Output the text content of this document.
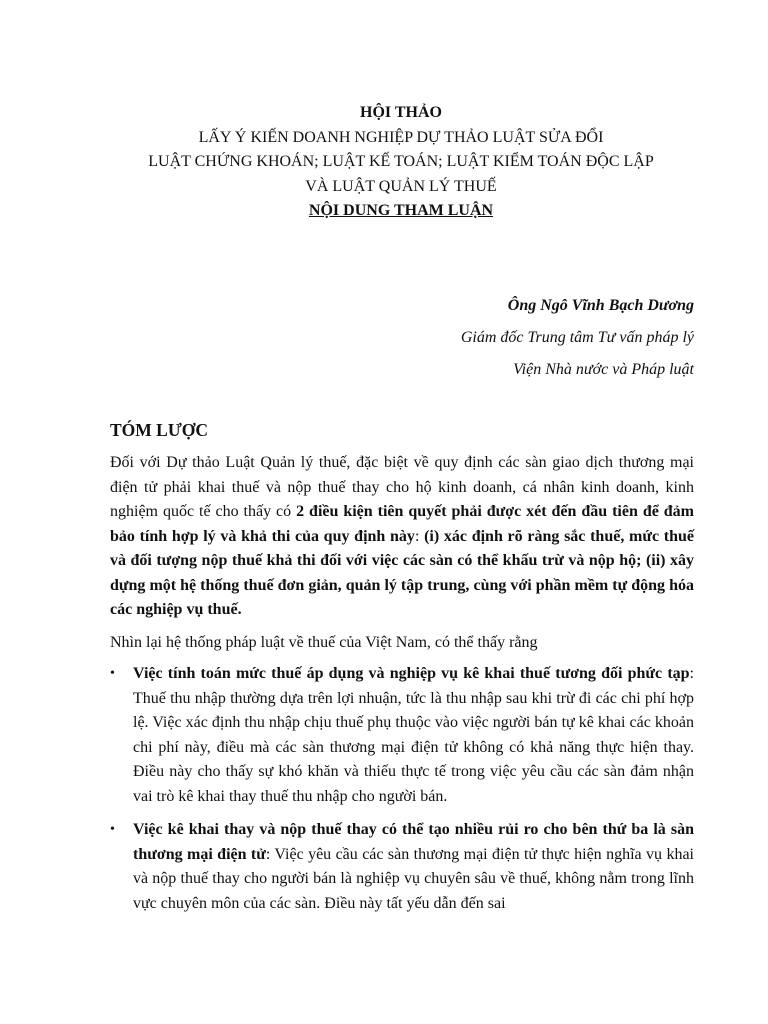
HỘI THẢO
LẤY Ý KIẾN DOANH NGHIỆP DỰ THẢO LUẬT SỬA ĐỔI
LUẬT CHỨNG KHOÁN; LUẬT KẾ TOÁN; LUẬT KIỂM TOÁN ĐỘC LẬP
VÀ LUẬT QUẢN LÝ THUẾ
NỘI DUNG THAM LUẬN
Ông Ngô Vĩnh Bạch Dương
Giám đốc Trung tâm Tư vấn pháp lý
Viện Nhà nước và Pháp luật
TÓM LƯỢC

Đối với Dự thảo Luật Quản lý thuế, đặc biệt về quy định các sàn giao dịch thương mại điện tử phải khai thuế và nộp thuế thay cho hộ kinh doanh, cá nhân kinh doanh, kinh nghiệm quốc tế cho thấy có 2 điều kiện tiên quyết phải được xét đến đầu tiên để đảm bảo tính hợp lý và khả thi của quy định này: (i) xác định rõ ràng sắc thuế, mức thuế và đối tượng nộp thuế khả thi đối với việc các sàn có thể khấu trừ và nộp hộ; (ii) xây dựng một hệ thống thuế đơn giản, quản lý tập trung, cùng với phần mềm tự động hóa các nghiệp vụ thuế.

Nhìn lại hệ thống pháp luật về thuế của Việt Nam, có thể thấy rằng

• Việc tính toán mức thuế áp dụng và nghiệp vụ kê khai thuế tương đối phức tạp: Thuế thu nhập thường dựa trên lợi nhuận, tức là thu nhập sau khi trừ đi các chi phí hợp lệ. Việc xác định thu nhập chịu thuế phụ thuộc vào việc người bán tự kê khai các khoản chi phí này, điều mà các sàn thương mại điện tử không có khả năng thực hiện thay. Điều này cho thấy sự khó khăn và thiếu thực tế trong việc yêu cầu các sàn đảm nhận vai trò kê khai thay thuế thu nhập cho người bán.
• Việc kê khai thay và nộp thuế thay có thể tạo nhiều rủi ro cho bên thứ ba là sàn thương mại điện tử: Việc yêu cầu các sàn thương mại điện tử thực hiện nghĩa vụ khai và nộp thuế thay cho người bán là nghiệp vụ chuyên sâu về thuế, không nằm trong lĩnh vực chuyên môn của các sàn. Điều này tất yếu dẫn đến sai
